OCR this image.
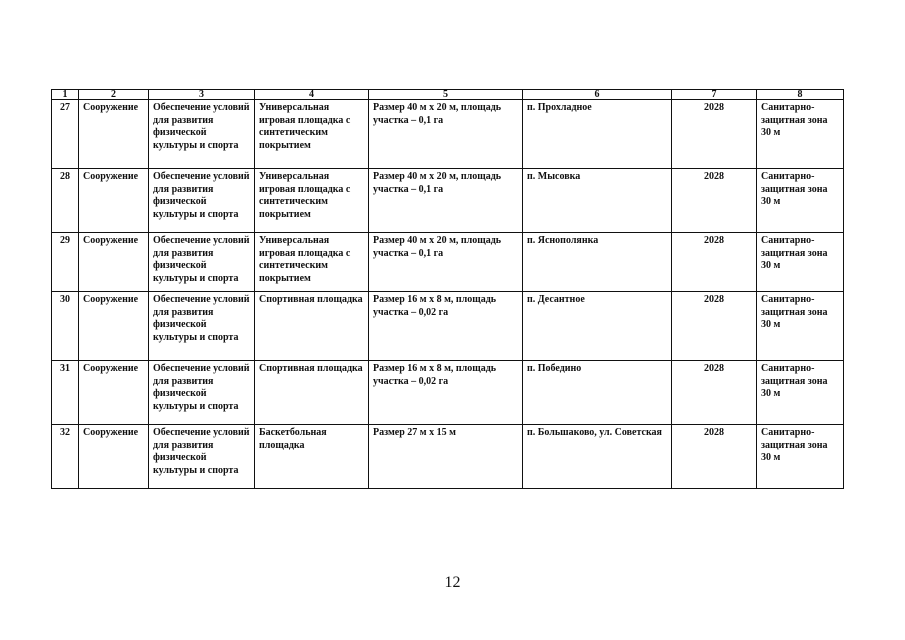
1	2	3	4	5	6	7	8
27	Сооружение	Обеспечение условий для развития физической культуры и спорта	Универсальная игровая площадка с синтетическим покрытием	Размер 40 м х 20 м, площадь участка – 0,1 га	п. Прохладное	2028	Санитарно-защитная зона 30 м
28	Сооружение	Обеспечение условий для развития физической культуры и спорта	Универсальная игровая площадка с синтетическим покрытием	Размер 40 м х 20 м, площадь участка – 0,1 га	п. Мысовка	2028	Санитарно-защитная зона 30 м
29	Сооружение	Обеспечение условий для развития физической культуры и спорта	Универсальная игровая площадка с синтетическим покрытием	Размер 40 м х 20 м, площадь участка – 0,1 га	п. Яснополянка	2028	Санитарно-защитная зона 30 м
30	Сооружение	Обеспечение условий для развития физической культуры и спорта	Спортивная площадка	Размер 16 м х 8 м, площадь участка – 0,02 га	п. Десантное	2028	Санитарно-защитная зона 30 м
31	Сооружение	Обеспечение условий для развития физической культуры и спорта	Спортивная площадка	Размер 16 м х 8 м, площадь участка – 0,02 га	п. Победино	2028	Санитарно-защитная зона 30 м
32	Сооружение	Обеспечение условий для развития физической культуры и спорта	Баскетбольная площадка	Размер 27 м х 15 м	п. Большаково, ул. Советская	2028	Санитарно-защитная зона 30 м
12
